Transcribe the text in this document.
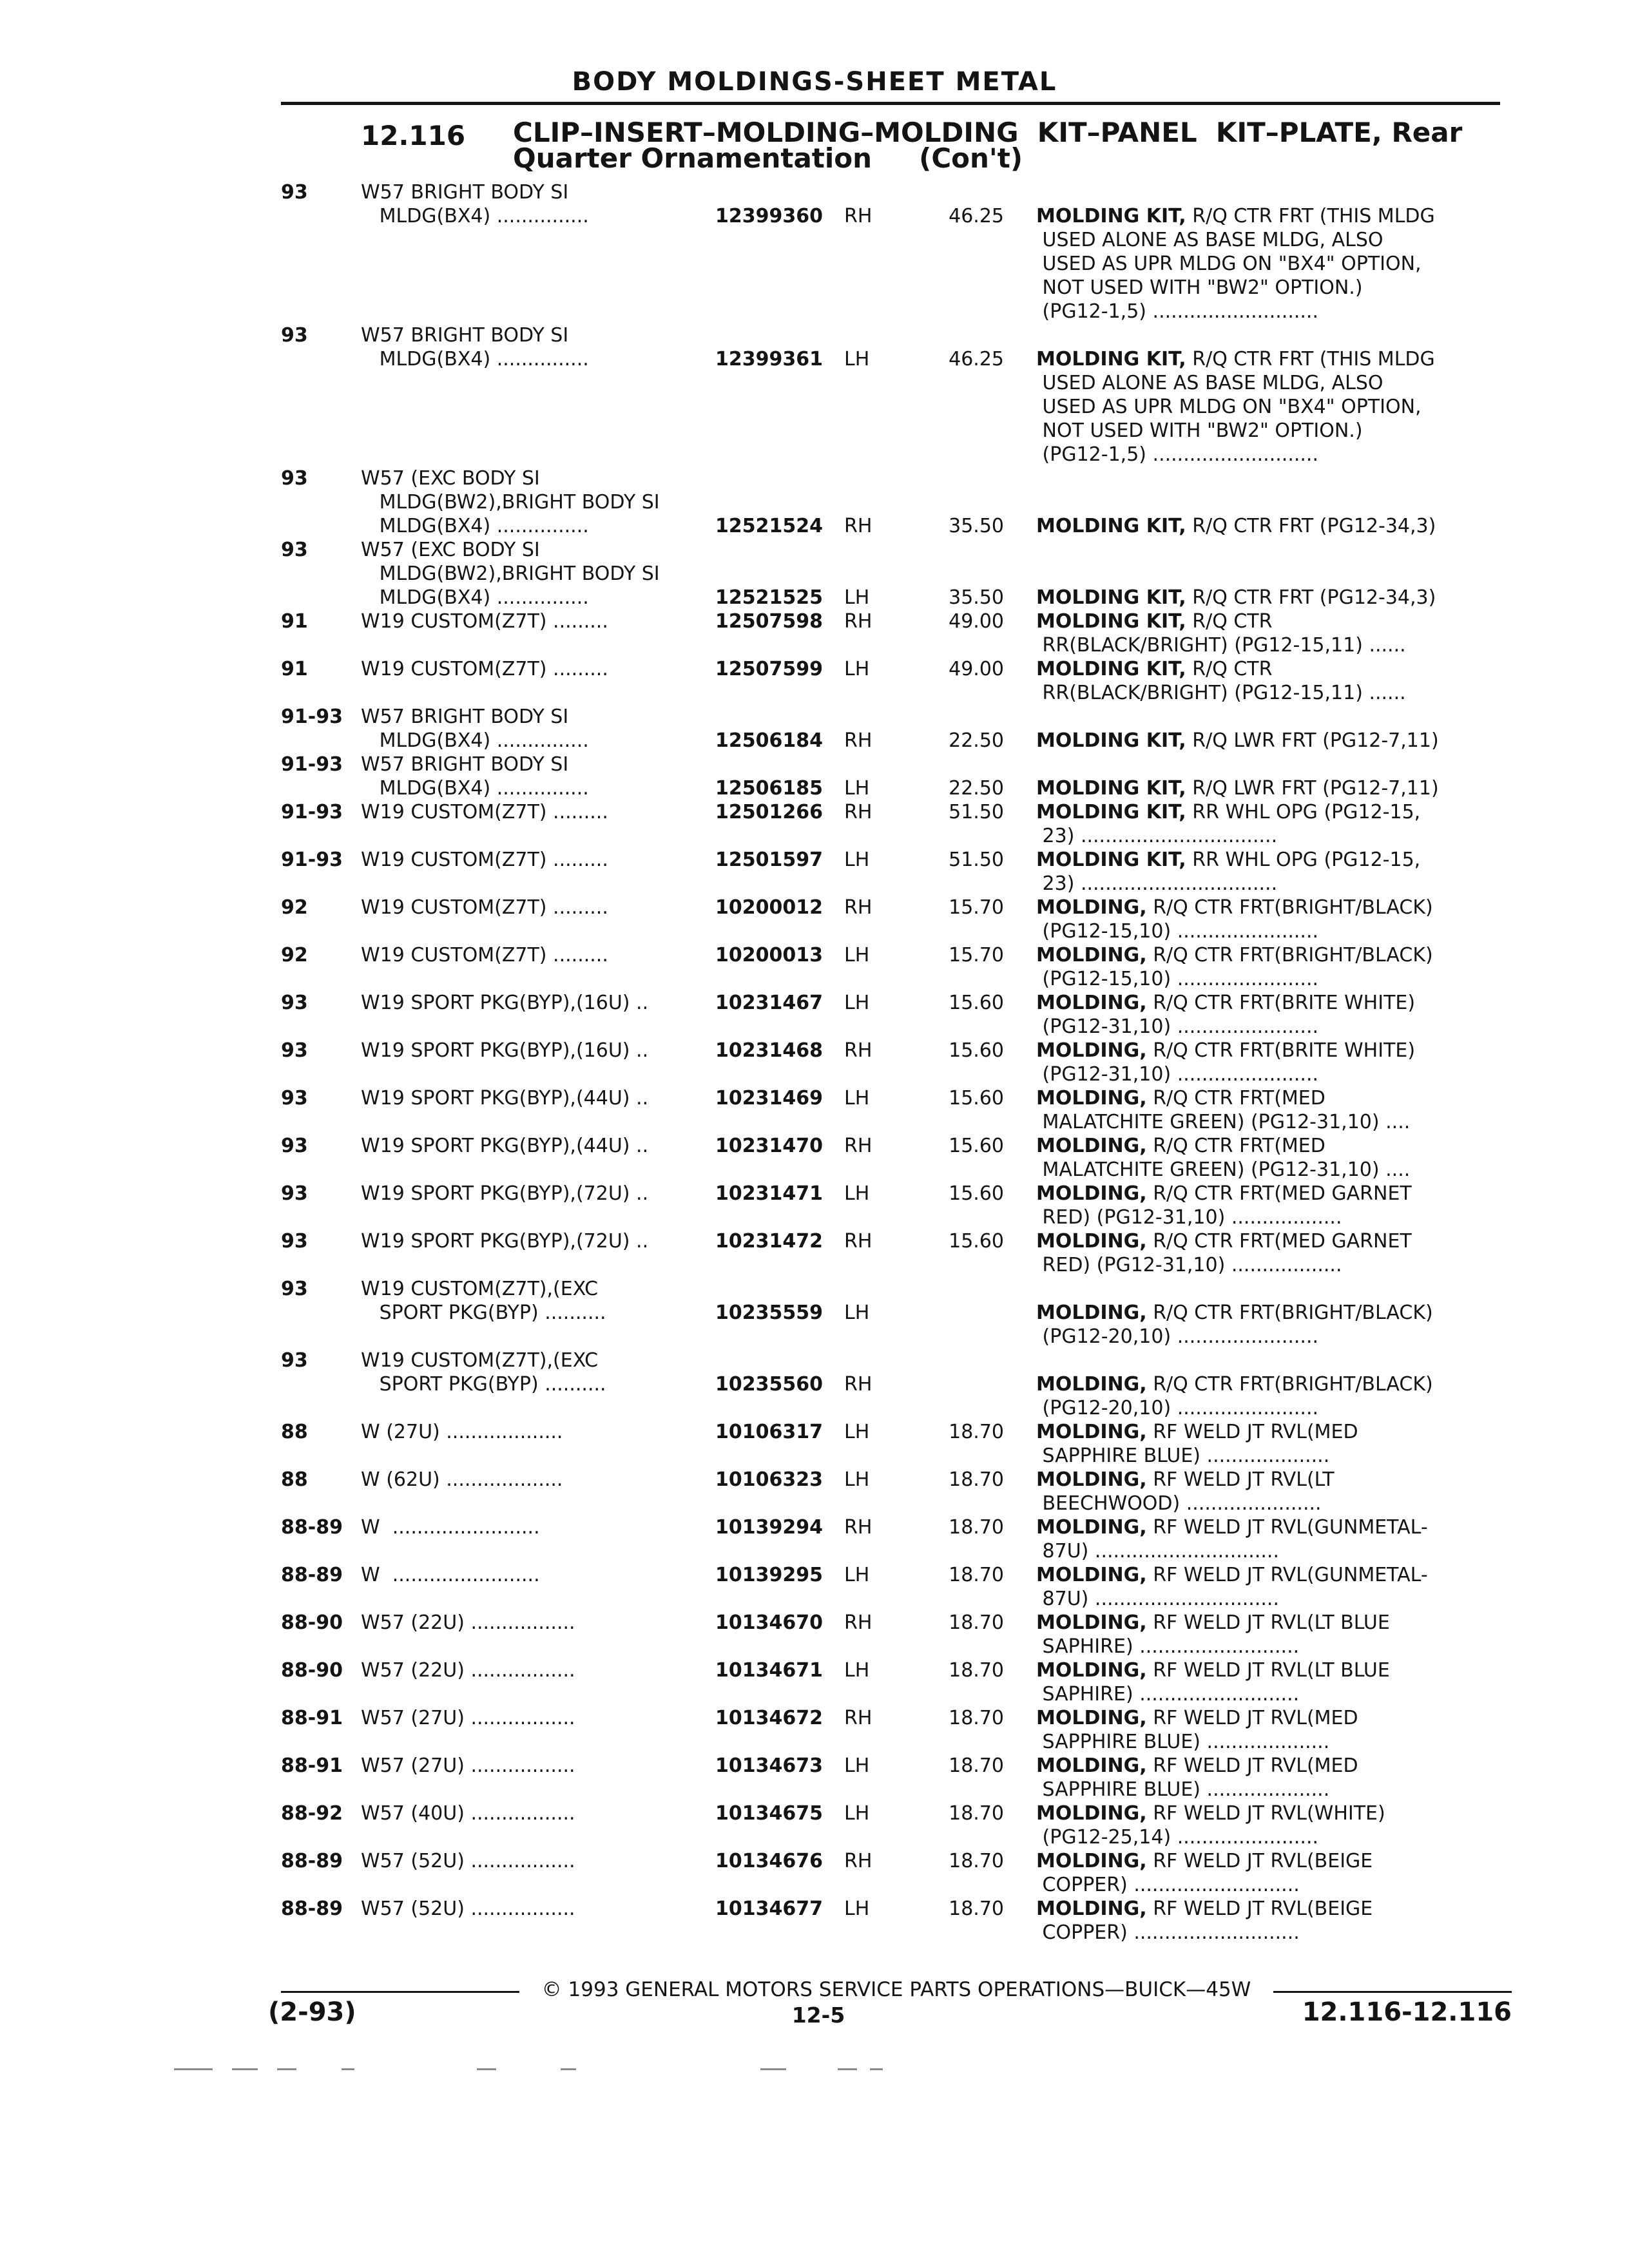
BODY MOLDINGS-SHEET METAL
12.116 CLIP–INSERT–MOLDING–MOLDING  KIT–PANEL  KIT–PLATE, Rear
Quarter Ornamentation     (Con't)
93	W57 BRIGHT BODY SI
MLDG(BX4) ...............	12399360 RH	46.25 MOLDING KIT, R/Q CTR FRT (THIS MLDG
USED ALONE AS BASE MLDG, ALSO
USED AS UPR MLDG ON "BX4" OPTION,
NOT USED WITH "BW2" OPTION.)
(PG12-1,5) ...........................
93	W57 BRIGHT BODY SI
MLDG(BX4) ...............	12399361 LH	46.25 MOLDING KIT, R/Q CTR FRT (THIS MLDG
USED ALONE AS BASE MLDG, ALSO
USED AS UPR MLDG ON "BX4" OPTION,
NOT USED WITH "BW2" OPTION.)
(PG12-1,5) ...........................
93	W57 (EXC BODY SI
MLDG(BW2),BRIGHT BODY SI
MLDG(BX4) ...............	12521524 RH	35.50 MOLDING KIT, R/Q CTR FRT (PG12-34,3)
93	W57 (EXC BODY SI
MLDG(BW2),BRIGHT BODY SI
MLDG(BX4) ...............	12521525 LH	35.50 MOLDING KIT, R/Q CTR FRT (PG12-34,3)
91	W19 CUSTOM(Z7T) .........	12507598 RH	49.00 MOLDING KIT, R/Q CTR
RR(BLACK/BRIGHT) (PG12-15,11) ......
91	W19 CUSTOM(Z7T) .........	12507599 LH	49.00 MOLDING KIT, R/Q CTR
RR(BLACK/BRIGHT) (PG12-15,11) ......
91-93 W57 BRIGHT BODY SI
MLDG(BX4) ...............	12506184 RH	22.50 MOLDING KIT, R/Q LWR FRT (PG12-7,11)
91-93 W57 BRIGHT BODY SI
MLDG(BX4) ...............	12506185 LH	22.50 MOLDING KIT, R/Q LWR FRT (PG12-7,11)
91-93 W19 CUSTOM(Z7T) .........	12501266 RH	51.50 MOLDING KIT, RR WHL OPG (PG12-15,
23) ................................
91-93 W19 CUSTOM(Z7T) .........	12501597 LH	51.50 MOLDING KIT, RR WHL OPG (PG12-15,
23) ................................
92	W19 CUSTOM(Z7T) .........	10200012 RH	15.70 MOLDING, R/Q CTR FRT(BRIGHT/BLACK)
(PG12-15,10) .......................
92	W19 CUSTOM(Z7T) .........	10200013 LH	15.70 MOLDING, R/Q CTR FRT(BRIGHT/BLACK)
(PG12-15,10) .......................
93	W19 SPORT PKG(BYP),(16U) ..	10231467 LH	15.60 MOLDING, R/Q CTR FRT(BRITE WHITE)
(PG12-31,10) .......................
93	W19 SPORT PKG(BYP),(16U) ..	10231468 RH	15.60 MOLDING, R/Q CTR FRT(BRITE WHITE)
(PG12-31,10) .......................
93	W19 SPORT PKG(BYP),(44U) ..	10231469 LH	15.60 MOLDING, R/Q CTR FRT(MED
MALATCHITE GREEN) (PG12-31,10) ....
93	W19 SPORT PKG(BYP),(44U) ..	10231470 RH	15.60 MOLDING, R/Q CTR FRT(MED
MALATCHITE GREEN) (PG12-31,10) ....
93	W19 SPORT PKG(BYP),(72U) ..	10231471 LH	15.60 MOLDING, R/Q CTR FRT(MED GARNET
RED) (PG12-31,10) ..................
93	W19 SPORT PKG(BYP),(72U) ..	10231472 RH	15.60 MOLDING, R/Q CTR FRT(MED GARNET
RED) (PG12-31,10) ..................
93	W19 CUSTOM(Z7T),(EXC
SPORT PKG(BYP) ..........	10235559 LH	MOLDING, R/Q CTR FRT(BRIGHT/BLACK)
(PG12-20,10) .......................
93	W19 CUSTOM(Z7T),(EXC
SPORT PKG(BYP) ..........	10235560 RH	MOLDING, R/Q CTR FRT(BRIGHT/BLACK)
(PG12-20,10) .......................
88	W (27U) ...................	10106317 LH	18.70 MOLDING, RF WELD JT RVL(MED
SAPPHIRE BLUE) ....................
88	W (62U) ...................	10106323 LH	18.70 MOLDING, RF WELD JT RVL(LT
BEECHWOOD) ......................
88-89 W  ........................	10139294 RH	18.70 MOLDING, RF WELD JT RVL(GUNMETAL-
87U) ..............................
88-89 W  ........................	10139295 LH	18.70 MOLDING, RF WELD JT RVL(GUNMETAL-
87U) ..............................
88-90 W57 (22U) .................	10134670 RH	18.70 MOLDING, RF WELD JT RVL(LT BLUE
SAPHIRE) ..........................
88-90 W57 (22U) .................	10134671 LH	18.70 MOLDING, RF WELD JT RVL(LT BLUE
SAPHIRE) ..........................
88-91 W57 (27U) .................	10134672 RH	18.70 MOLDING, RF WELD JT RVL(MED
SAPPHIRE BLUE) ....................
88-91 W57 (27U) .................	10134673 LH	18.70 MOLDING, RF WELD JT RVL(MED
SAPPHIRE BLUE) ....................
88-92 W57 (40U) .................	10134675 LH	18.70 MOLDING, RF WELD JT RVL(WHITE)
(PG12-25,14) .......................
88-89 W57 (52U) .................	10134676 RH	18.70 MOLDING, RF WELD JT RVL(BEIGE
COPPER) ...........................
88-89 W57 (52U) .................	10134677 LH	18.70 MOLDING, RF WELD JT RVL(BEIGE
COPPER) ...........................
© 1993 GENERAL MOTORS SERVICE PARTS OPERATIONS—BUICK—45W
(2-93)	12-5	12.116-12.116
